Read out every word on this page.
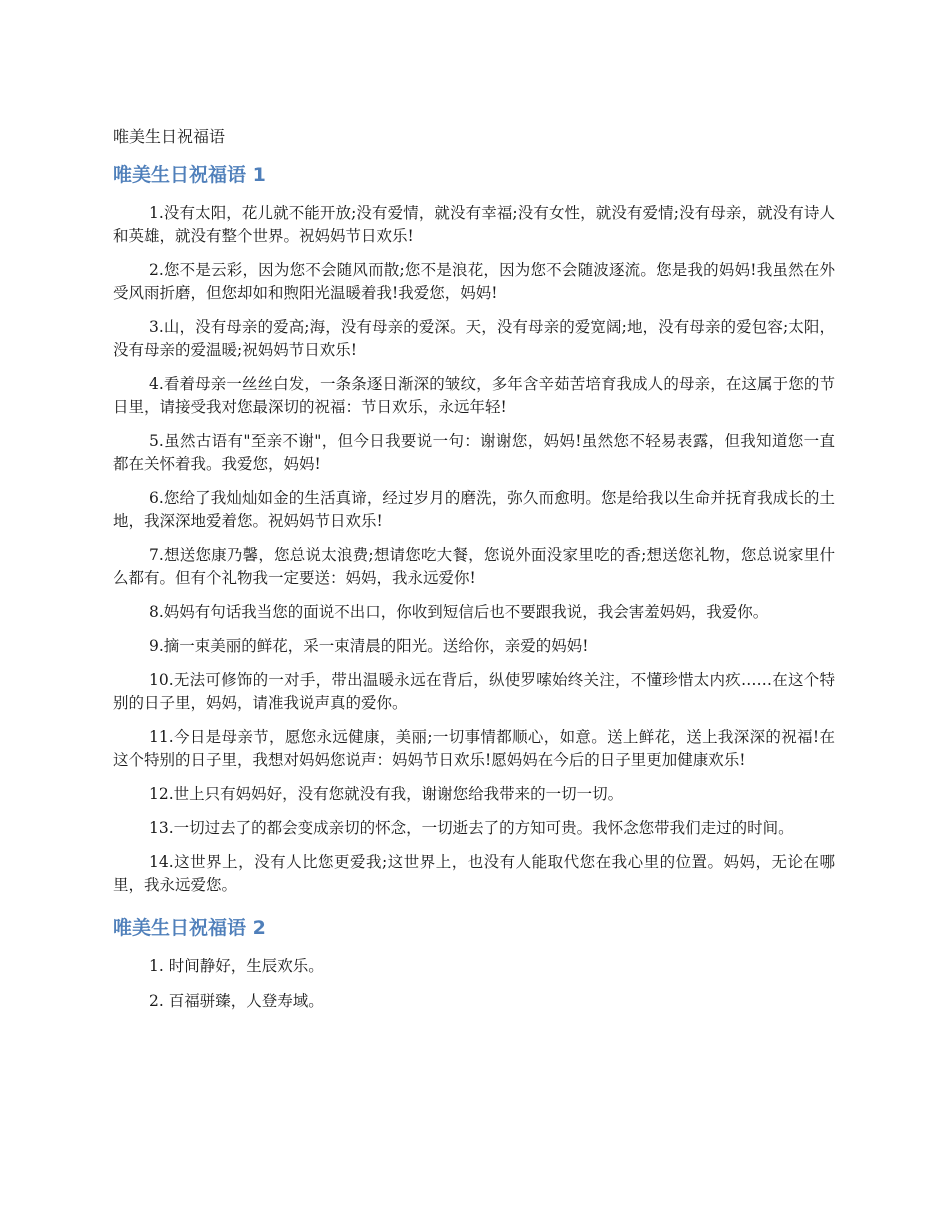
唯美生日祝福语
唯美生日祝福语 1

1.没有太阳，花儿就不能开放;没有爱情，就没有幸福;没有女性，就没有爱情;没有母亲，就没有诗人和英雄，就没有整个世界。祝妈妈节日欢乐!

2.您不是云彩，因为您不会随风而散;您不是浪花，因为您不会随波逐流。您是我的妈妈!我虽然在外受风雨折磨，但您却如和煦阳光温暖着我!我爱您，妈妈!

3.山，没有母亲的爱高;海，没有母亲的爱深。天，没有母亲的爱宽阔;地，没有母亲的爱包容;太阳，没有母亲的爱温暖;祝妈妈节日欢乐!

4.看着母亲一丝丝白发，一条条逐日渐深的皱纹，多年含辛茹苦培育我成人的母亲，在这属于您的节日里，请接受我对您最深切的祝福：节日欢乐，永远年轻!

5.虽然古语有"至亲不谢"，但今日我要说一句：谢谢您，妈妈!虽然您不轻易表露，但我知道您一直都在关怀着我。我爱您，妈妈!

6.您给了我灿灿如金的生活真谛，经过岁月的磨洗，弥久而愈明。您是给我以生命并抚育我成长的土地，我深深地爱着您。祝妈妈节日欢乐!

7.想送您康乃馨，您总说太浪费;想请您吃大餐，您说外面没家里吃的香;想送您礼物，您总说家里什么都有。但有个礼物我一定要送：妈妈，我永远爱你!

8.妈妈有句话我当您的面说不出口，你收到短信后也不要跟我说，我会害羞妈妈，我爱你。

9.摘一束美丽的鲜花，采一束清晨的阳光。送给你，亲爱的妈妈!

10.无法可修饰的一对手，带出温暖永远在背后，纵使罗嗦始终关注，不懂珍惜太内疚……在这个特别的日子里，妈妈，请准我说声真的爱你。

11.今日是母亲节，愿您永远健康，美丽;一切事情都顺心，如意。送上鲜花，送上我深深的祝福!在这个特别的日子里，我想对妈妈您说声：妈妈节日欢乐!愿妈妈在今后的日子里更加健康欢乐!

12.世上只有妈妈好，没有您就没有我，谢谢您给我带来的一切一切。

13.一切过去了的都会变成亲切的怀念，一切逝去了的方知可贵。我怀念您带我们走过的时间。

14.这世界上，没有人比您更爱我;这世界上，也没有人能取代您在我心里的位置。妈妈，无论在哪里，我永远爱您。

唯美生日祝福语 2

1. 时间静好，生辰欢乐。

2. 百福骈臻，人登寿域。
